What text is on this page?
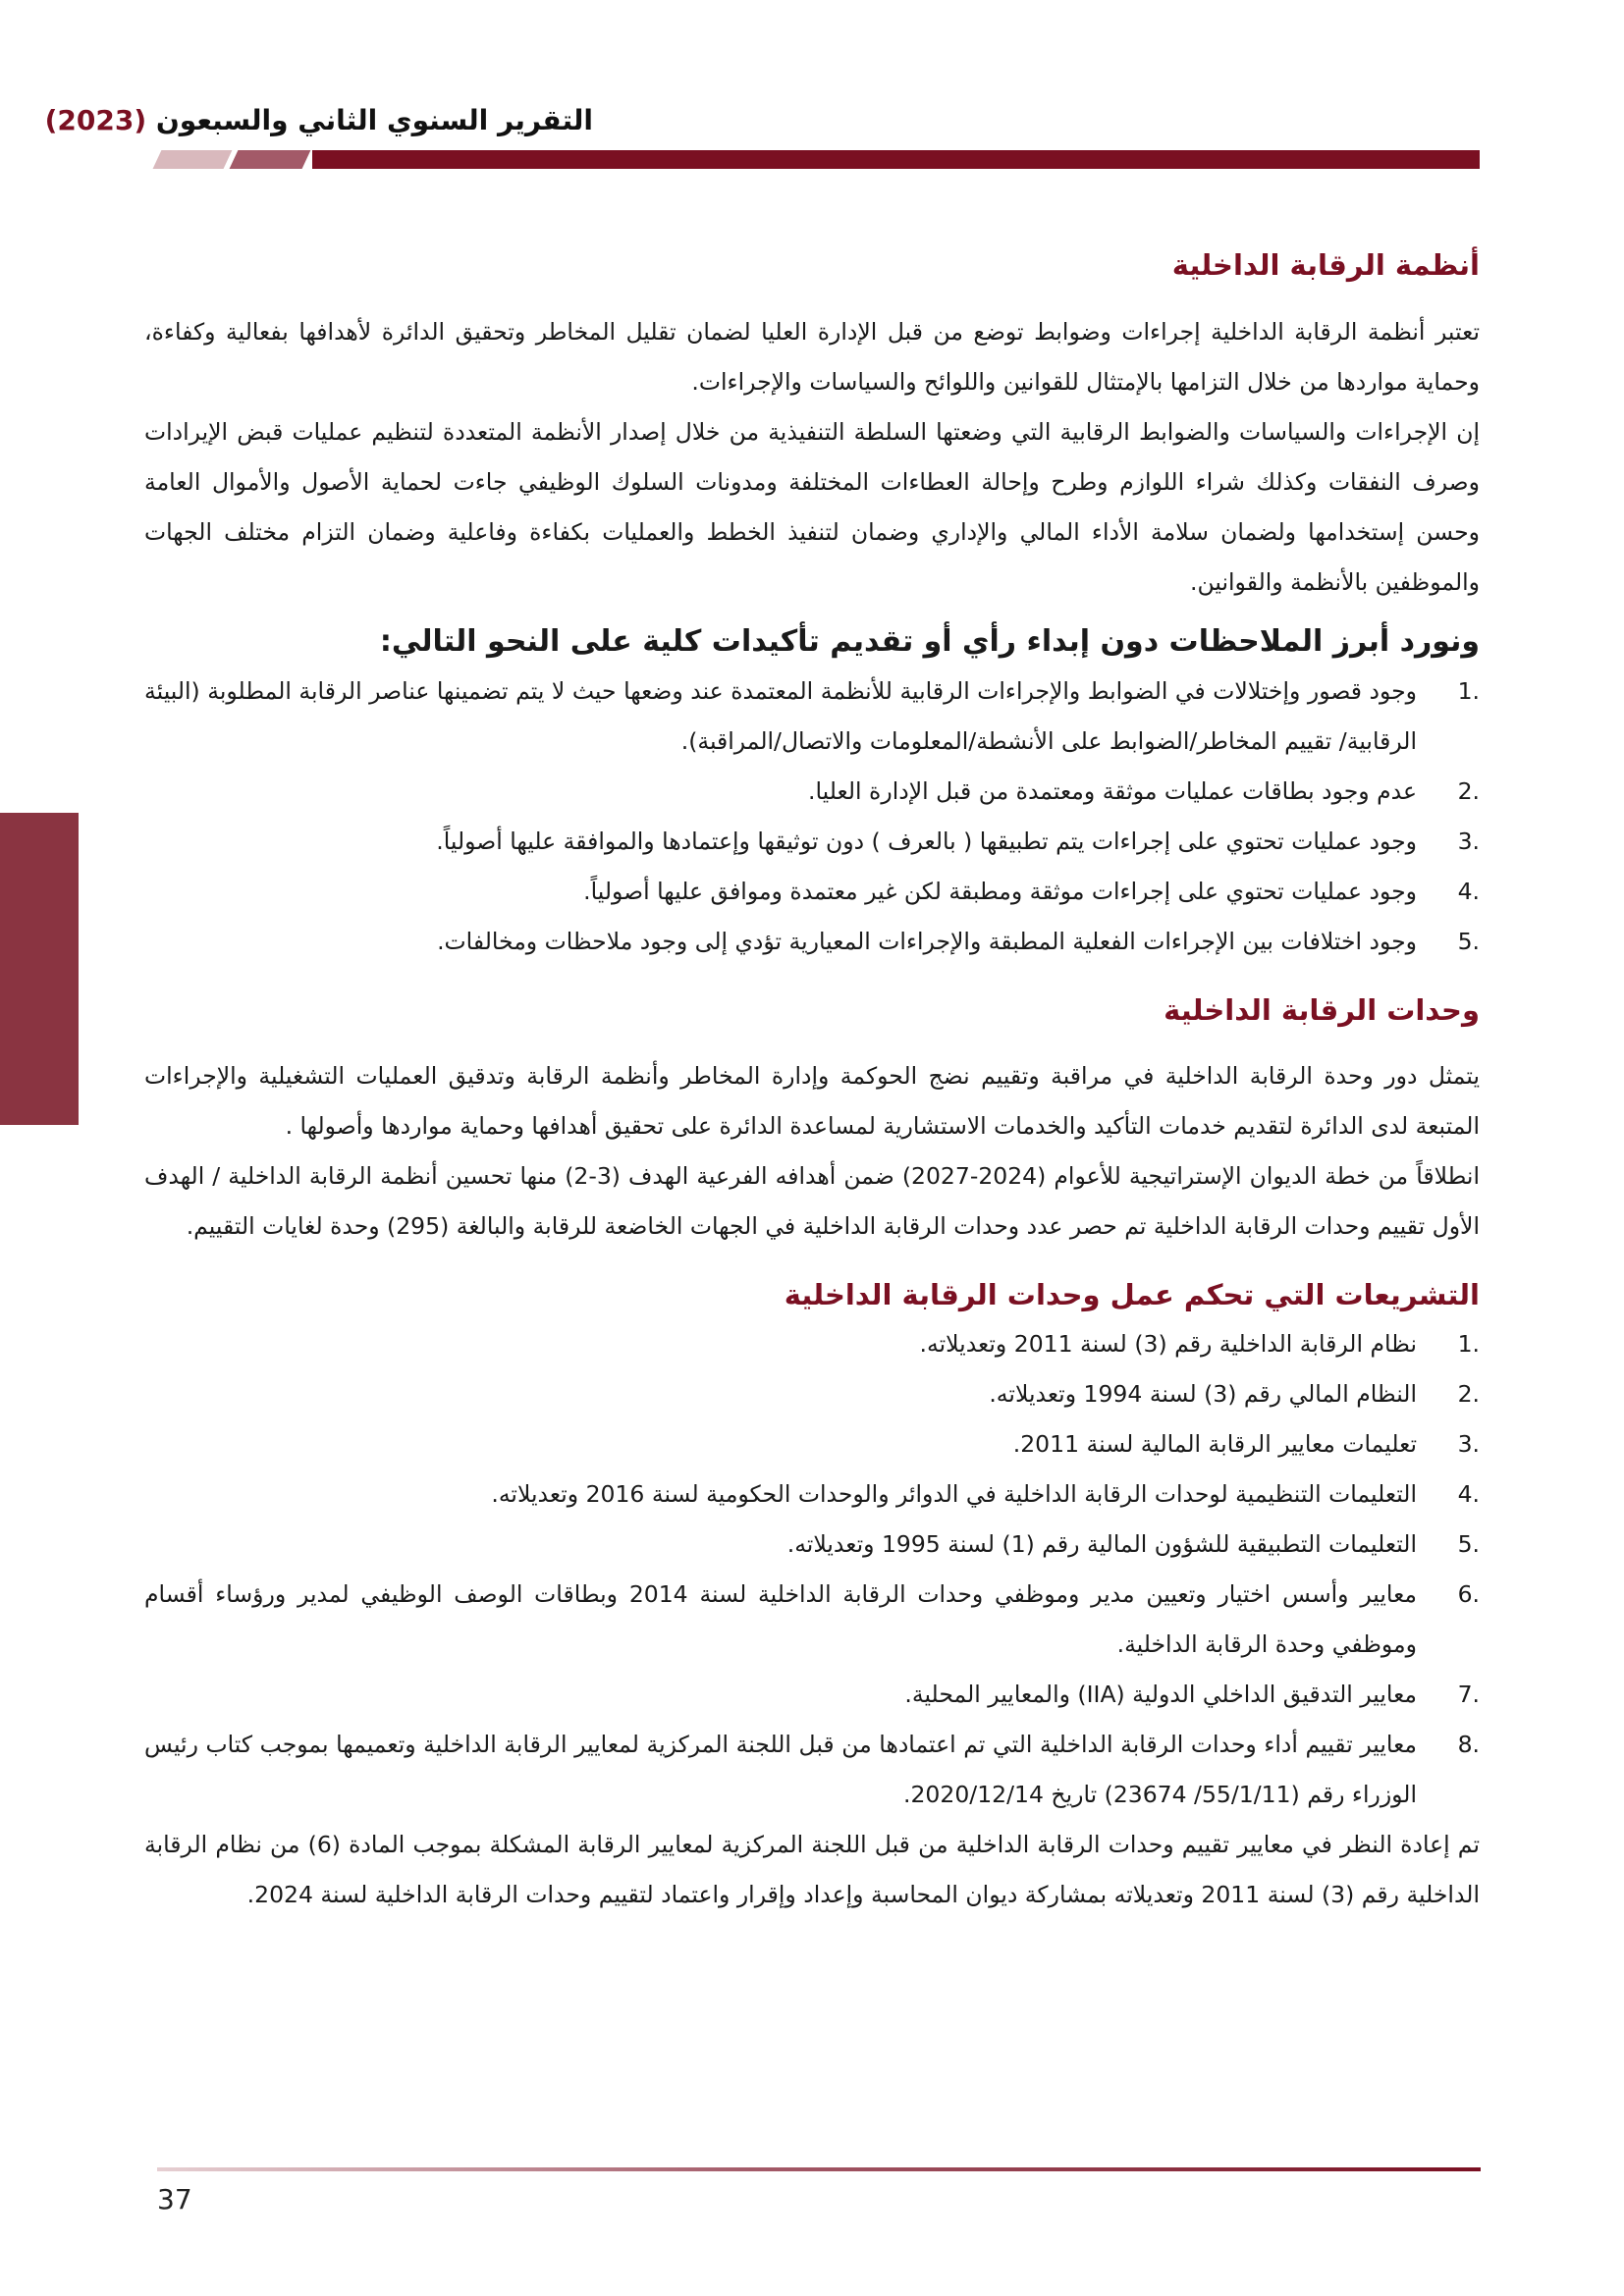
التقرير السنوي الثاني والسبعون (2023)
أنظمة الرقابة الداخلية

تعتبر أنظمة الرقابة الداخلية إجراءات وضوابط توضع من قبل الإدارة العليا لضمان تقليل المخاطر وتحقيق الدائرة لأهدافها بفعالية وكفاءة، وحماية مواردها من خلال التزامها بالإمتثال للقوانين واللوائح والسياسات والإجراءات.

إن الإجراءات والسياسات والضوابط الرقابية التي وضعتها السلطة التنفيذية من خلال إصدار الأنظمة المتعددة لتنظيم عمليات قبض الإيرادات وصرف النفقات وكذلك شراء اللوازم وطرح وإحالة العطاءات المختلفة ومدونات السلوك الوظيفي جاءت لحماية الأصول والأموال العامة وحسن إستخدامها ولضمان سلامة الأداء المالي والإداري وضمان لتنفيذ الخطط والعمليات بكفاءة وفاعلية وضمان التزام مختلف الجهات والموظفين بالأنظمة والقوانين.

ونورد أبرز الملاحظات دون إبداء رأي أو تقديم تأكيدات كلية على النحو التالي:
1.
وجود قصور وإختلالات في الضوابط والإجراءات الرقابية للأنظمة المعتمدة عند وضعها حيث لا يتم تضمينها عناصر الرقابة المطلوبة (البيئة الرقابية/ تقييم المخاطر/الضوابط على الأنشطة/المعلومات والاتصال/المراقبة).
2.
عدم وجود بطاقات عمليات موثقة ومعتمدة من قبل الإدارة العليا.
3.
وجود عمليات تحتوي على إجراءات يتم تطبيقها ( بالعرف ) دون توثيقها وإعتمادها والموافقة عليها أصولياً.
4.
وجود عمليات تحتوي على إجراءات موثقة ومطبقة لكن غير معتمدة وموافق عليها أصولياً.
5.
وجود اختلافات بين الإجراءات الفعلية المطبقة والإجراءات المعيارية تؤدي إلى وجود ملاحظات ومخالفات.
وحدات الرقابة الداخلية

يتمثل دور وحدة الرقابة الداخلية في مراقبة وتقييم نضج الحوكمة وإدارة المخاطر وأنظمة الرقابة وتدقيق العمليات التشغيلية والإجراءات المتبعة لدى الدائرة لتقديم خدمات التأكيد والخدمات الاستشارية لمساعدة الدائرة على تحقيق أهدافها وحماية مواردها وأصولها .

انطلاقاً من خطة الديوان الإستراتيجية للأعوام (2024-2027) ضمن أهدافه الفرعية الهدف (3-2) منها تحسين أنظمة الرقابة الداخلية / الهدف الأول تقييم وحدات الرقابة الداخلية تم حصر عدد وحدات الرقابة الداخلية في الجهات الخاضعة للرقابة والبالغة (295) وحدة لغايات التقييم.

التشريعات التي تحكم عمل وحدات الرقابة الداخلية
1.
نظام الرقابة الداخلية رقم (3) لسنة 2011 وتعديلاته.
2.
النظام المالي رقم (3) لسنة 1994 وتعديلاته.
3.
تعليمات معايير الرقابة المالية لسنة 2011.
4.
التعليمات التنظيمية لوحدات الرقابة الداخلية في الدوائر والوحدات الحكومية لسنة 2016 وتعديلاته.
5.
التعليمات التطبيقية للشؤون المالية رقم (1) لسنة 1995 وتعديلاته.
6.
معايير وأسس اختيار وتعيين مدير وموظفي وحدات الرقابة الداخلية لسنة 2014 وبطاقات الوصف الوظيفي لمدير ورؤساء أقسام وموظفي وحدة الرقابة الداخلية.
7.
معايير التدقيق الداخلي الدولية (IIA) والمعايير المحلية.
8.
معايير تقييم أداء وحدات الرقابة الداخلية التي تم اعتمادها من قبل اللجنة المركزية لمعايير الرقابة الداخلية وتعميمها بموجب كتاب رئيس الوزراء رقم (55/1/11/ 23674) تاريخ 2020/12/14.

تم إعادة النظر في معايير تقييم وحدات الرقابة الداخلية من قبل اللجنة المركزية لمعايير الرقابة المشكلة بموجب المادة (6) من نظام الرقابة الداخلية رقم (3) لسنة 2011 وتعديلاته بمشاركة ديوان المحاسبة وإعداد وإقرار واعتماد لتقييم وحدات الرقابة الداخلية لسنة 2024.

37
